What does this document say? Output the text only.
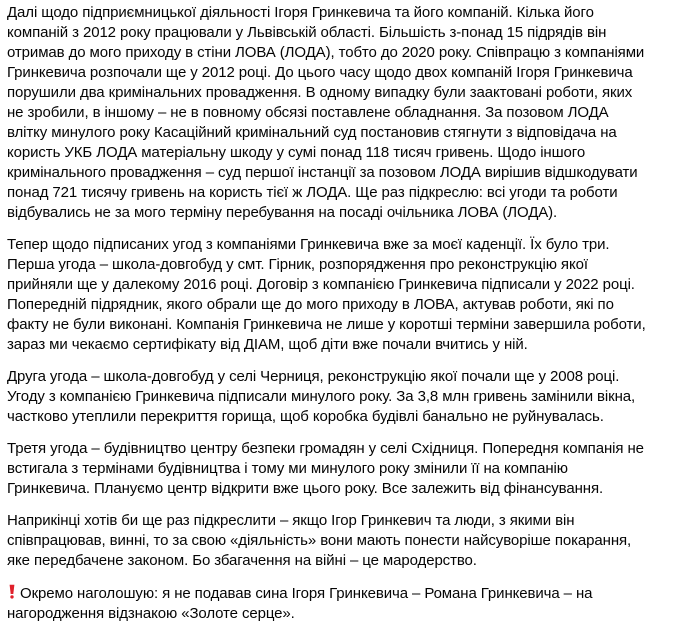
Далі щодо підприємницької діяльності Ігоря Гринкевича та його компаній. Кілька його
компаній з 2012 року працювали у Львівській області. Більшість з-понад 15 підрядів він
отримав до мого приходу в стіни ЛОВА (ЛОДА), тобто до 2020 року. Співпрацю з компаніями
Гринкевича розпочали ще у 2012 році. До цього часу щодо двох компаній Ігоря Гринкевича
порушили два кримінальних провадження. В одному випадку були заактовані роботи, яких
не зробили, в іншому – не в повному обсязі поставлене обладнання. За позовом ЛОДА
влітку минулого року Касаційний кримінальний суд постановив стягнути з відповідача на
користь УКБ ЛОДА матеріальну шкоду у сумі понад 118 тисяч гривень. Щодо іншого
кримінального провадження – суд першої інстанції за позовом ЛОДА вирішив відшкодувати
понад 721 тисячу гривень на користь тієї ж ЛОДА. Ще раз підкреслю: всі угоди та роботи
відбувались не за мого терміну перебування на посаді очільника ЛОВА (ЛОДА).

Тепер щодо підписаних угод з компаніями Гринкевича вже за моєї каденції. Їх було три.
Перша угода – школа-довгобуд у смт. Гірник, розпорядження про реконструкцію якої
прийняли ще у далекому 2016 році. Договір з компанією Гринкевича підписали у 2022 році.
Попередній підрядник, якого обрали ще до мого приходу в ЛОВА, актував роботи, які по
факту не були виконані. Компанія Гринкевича не лише у коротші терміни завершила роботи,
зараз ми чекаємо сертифікату від ДІАМ, щоб діти вже почали вчитись у ній.

Друга угода – школа-довгобуд у селі Черниця, реконструкцію якої почали ще у 2008 році.
Угоду з компанією Гринкевича підписали минулого року. За 3,8 млн гривень замінили вікна,
частково утеплили перекриття горища, щоб коробка будівлі банально не руйнувалась.

Третя угода – будівництво центру безпеки громадян у селі Східниця. Попередня компанія не
встигала з термінами будівництва і тому ми минулого року змінили її на компанію
Гринкевича. Плануємо центр відкрити вже цього року. Все залежить від фінансування.

Наприкінці хотів би ще раз підкреслити – якщо Ігор Гринкевич та люди, з якими він
співпрацював, винні, то за свою «діяльність» вони мають понести найсуворіше покарання,
яке передбачене законом. Бо збагачення на війні – це мародерство.

Окремо наголошую: я не подавав сина Ігоря Гринкевича – Романа Гринкевича – на
нагородження відзнакою «Золоте серце».
